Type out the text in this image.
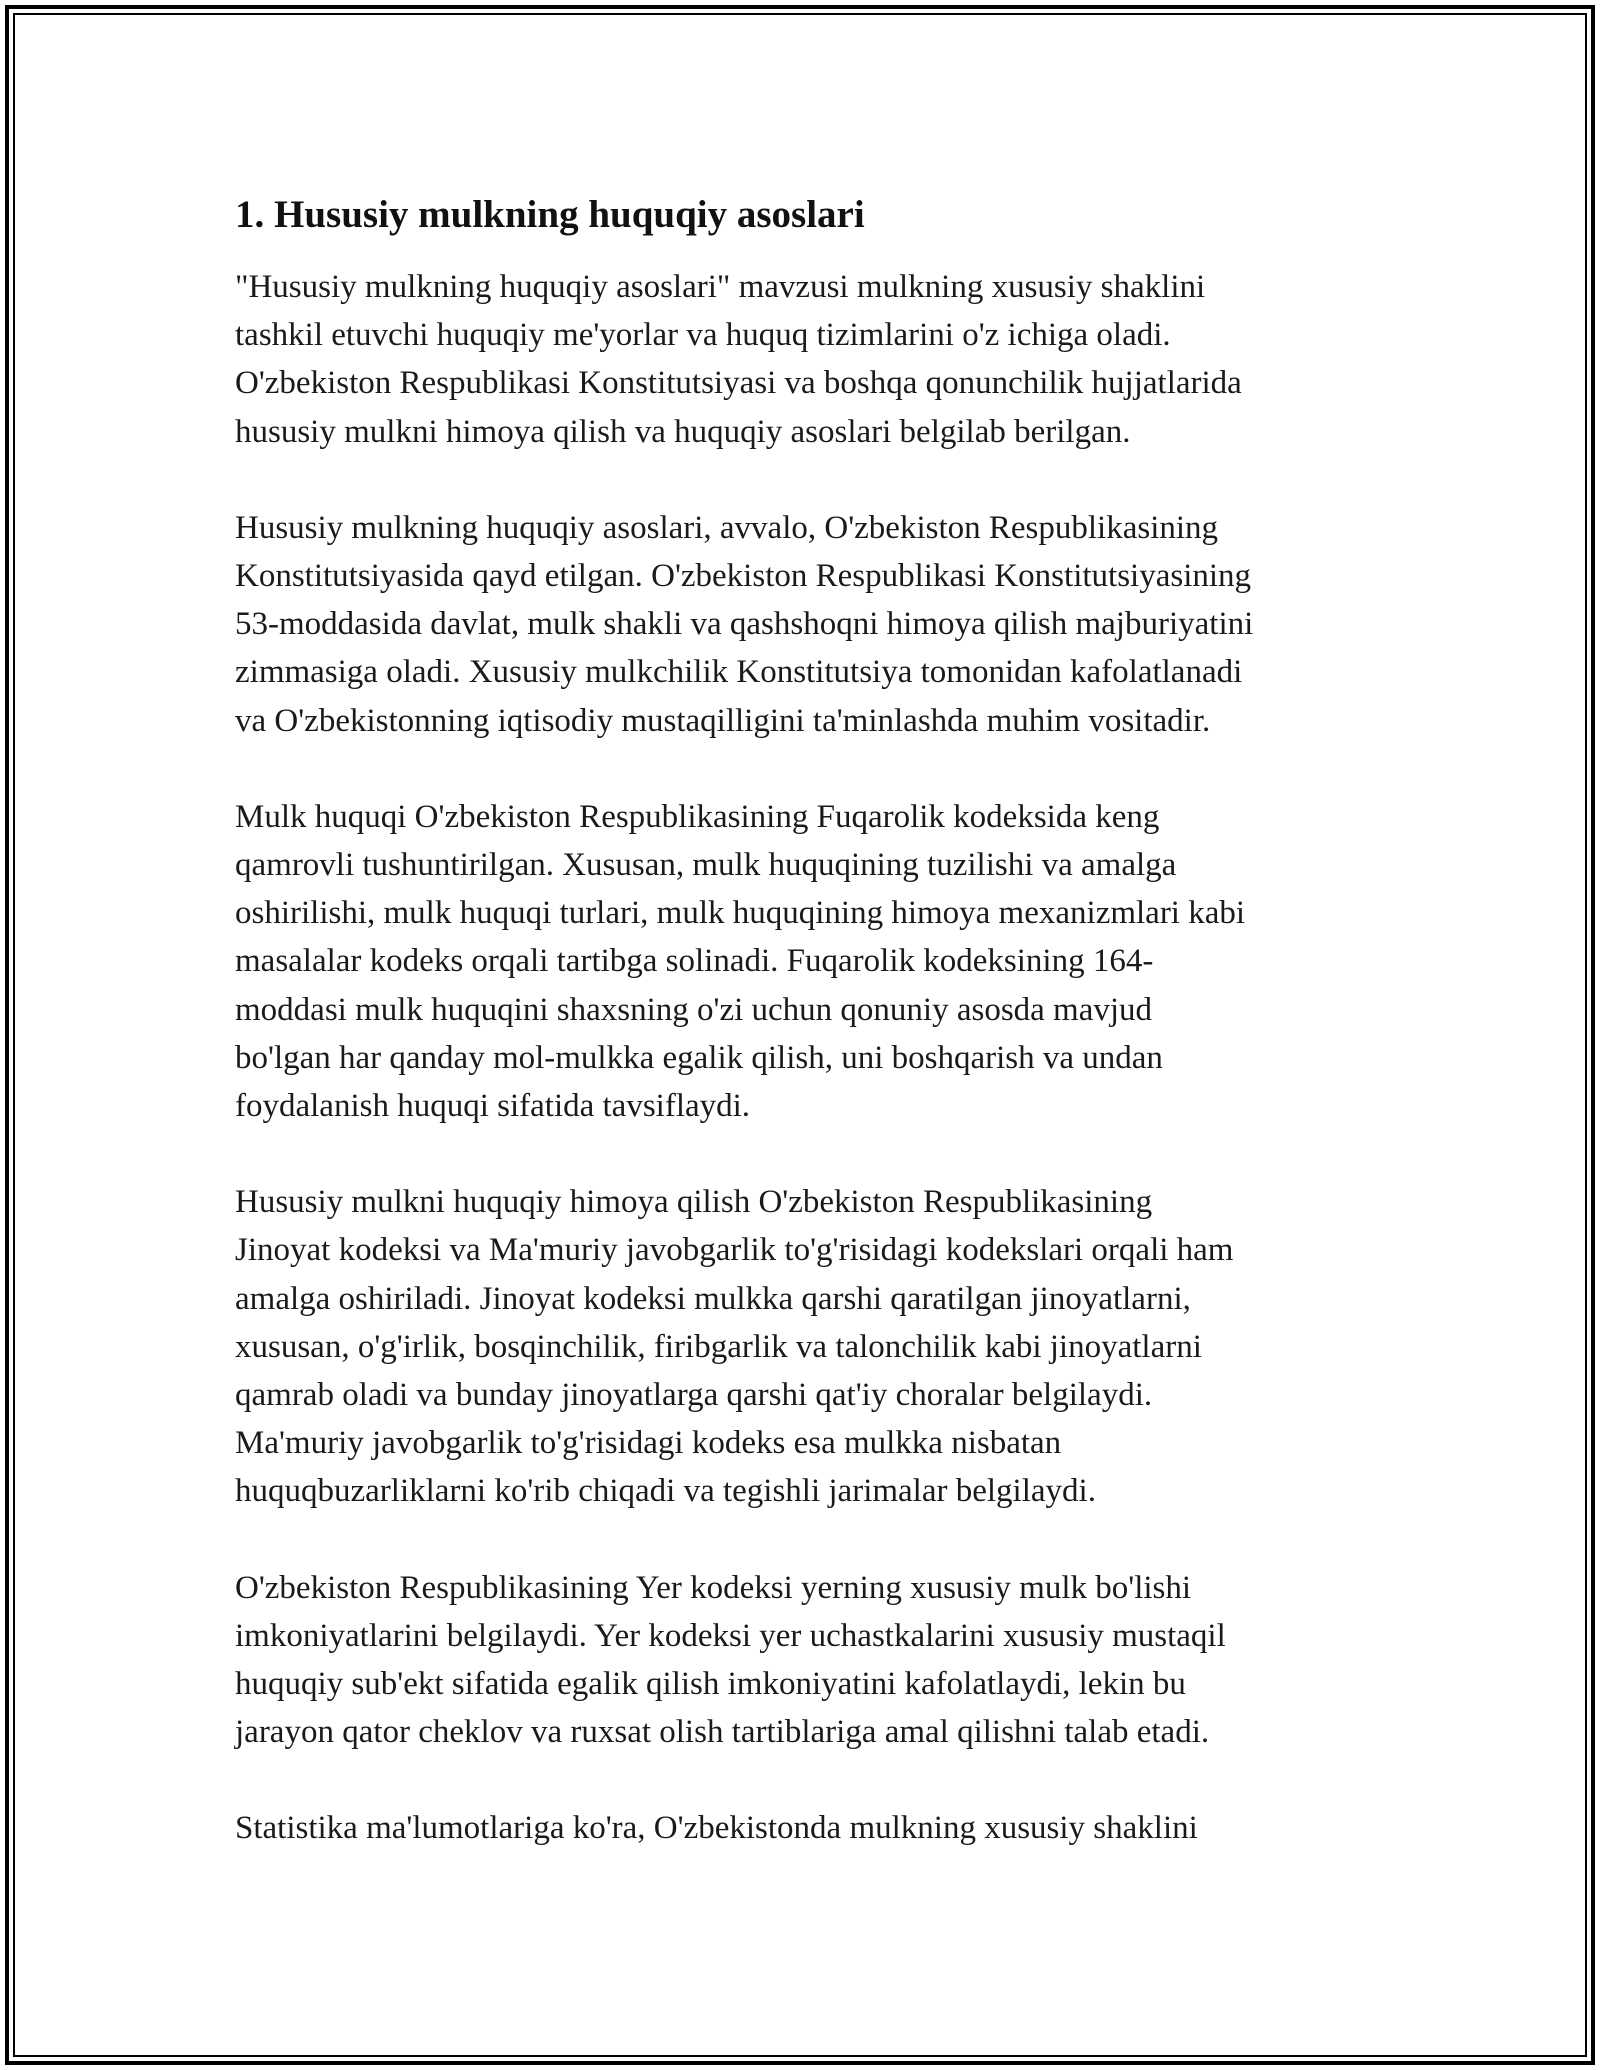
1. Hususiy mulkning huquqiy asoslari
"Hususiy mulkning huquqiy asoslari" mavzusi mulkning xususiy shaklini
tashkil etuvchi huquqiy me'yorlar va huquq tizimlarini o'z ichiga oladi.
O'zbekiston Respublikasi Konstitutsiyasi va boshqa qonunchilik hujjatlarida
hususiy mulkni himoya qilish va huquqiy asoslari belgilab berilgan.
Hususiy mulkning huquqiy asoslari, avvalo, O'zbekiston Respublikasining
Konstitutsiyasida qayd etilgan. O'zbekiston Respublikasi Konstitutsiyasining
53-moddasida davlat, mulk shakli va qashshoqni himoya qilish majburiyatini
zimmasiga oladi. Xususiy mulkchilik Konstitutsiya tomonidan kafolatlanadi
va O'zbekistonning iqtisodiy mustaqilligini ta'minlashda muhim vositadir.
Mulk huquqi O'zbekiston Respublikasining Fuqarolik kodeksida keng
qamrovli tushuntirilgan. Xususan, mulk huquqining tuzilishi va amalga
oshirilishi, mulk huquqi turlari, mulk huquqining himoya mexanizmlari kabi
masalalar kodeks orqali tartibga solinadi. Fuqarolik kodeksining 164-
moddasi mulk huquqini shaxsning o'zi uchun qonuniy asosda mavjud
bo'lgan har qanday mol-mulkka egalik qilish, uni boshqarish va undan
foydalanish huquqi sifatida tavsiflaydi.
Hususiy mulkni huquqiy himoya qilish O'zbekiston Respublikasining
Jinoyat kodeksi va Ma'muriy javobgarlik to'g'risidagi kodekslari orqali ham
amalga oshiriladi. Jinoyat kodeksi mulkka qarshi qaratilgan jinoyatlarni,
xususan, o'g'irlik, bosqinchilik, firibgarlik va talonchilik kabi jinoyatlarni
qamrab oladi va bunday jinoyatlarga qarshi qat'iy choralar belgilaydi.
Ma'muriy javobgarlik to'g'risidagi kodeks esa mulkka nisbatan
huquqbuzarliklarni ko'rib chiqadi va tegishli jarimalar belgilaydi.
O'zbekiston Respublikasining Yer kodeksi yerning xususiy mulk bo'lishi
imkoniyatlarini belgilaydi. Yer kodeksi yer uchastkalarini xususiy mustaqil
huquqiy sub'ekt sifatida egalik qilish imkoniyatini kafolatlaydi, lekin bu
jarayon qator cheklov va ruxsat olish tartiblariga amal qilishni talab etadi.
Statistika ma'lumotlariga ko'ra, O'zbekistonda mulkning xususiy shaklini
